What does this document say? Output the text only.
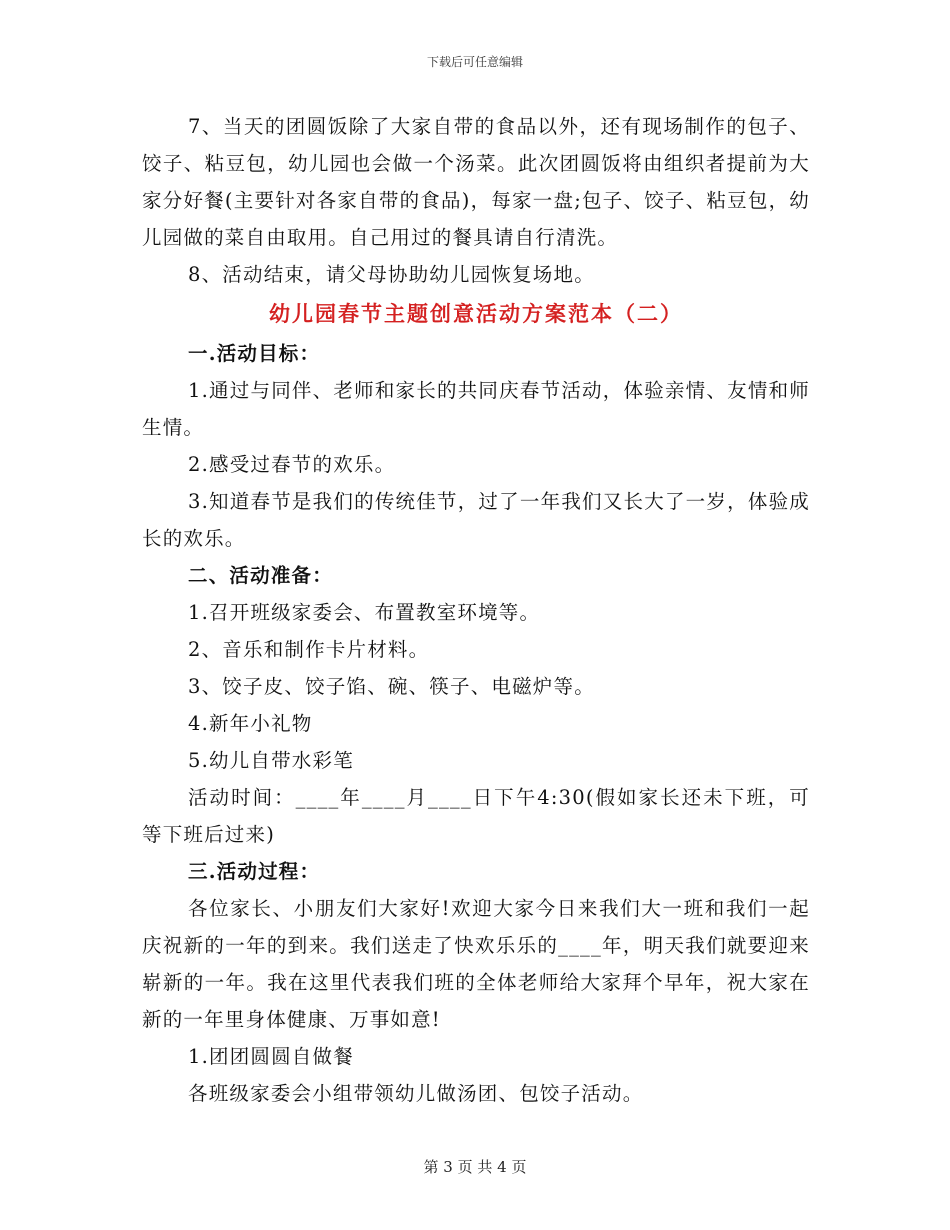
下载后可任意编辑

7、当天的团圆饭除了大家自带的食品以外，还有现场制作的包子、饺子、粘豆包，幼儿园也会做一个汤菜。此次团圆饭将由组织者提前为大家分好餐(主要针对各家自带的食品)，每家一盘;包子、饺子、粘豆包，幼儿园做的菜自由取用。自己用过的餐具请自行清洗。

8、活动结束，请父母协助幼儿园恢复场地。

幼儿园春节主题创意活动方案范本（二）

一.活动目标：

1.通过与同伴、老师和家长的共同庆春节活动，体验亲情、友情和师生情。

2.感受过春节的欢乐。

3.知道春节是我们的传统佳节，过了一年我们又长大了一岁，体验成长的欢乐。

二、活动准备：

1.召开班级家委会、布置教室环境等。

2、音乐和制作卡片材料。

3、饺子皮、饺子馅、碗、筷子、电磁炉等。

4.新年小礼物

5.幼儿自带水彩笔

活动时间：____年____月____日下午4:30(假如家长还未下班，可等下班后过来)

三.活动过程：

各位家长、小朋友们大家好!欢迎大家今日来我们大一班和我们一起庆祝新的一年的到来。我们送走了快欢乐乐的____年，明天我们就要迎来崭新的一年。我在这里代表我们班的全体老师给大家拜个早年，祝大家在新的一年里身体健康、万事如意!

1.团团圆圆自做餐

各班级家委会小组带领幼儿做汤团、包饺子活动。

第 3 页 共 4 页
